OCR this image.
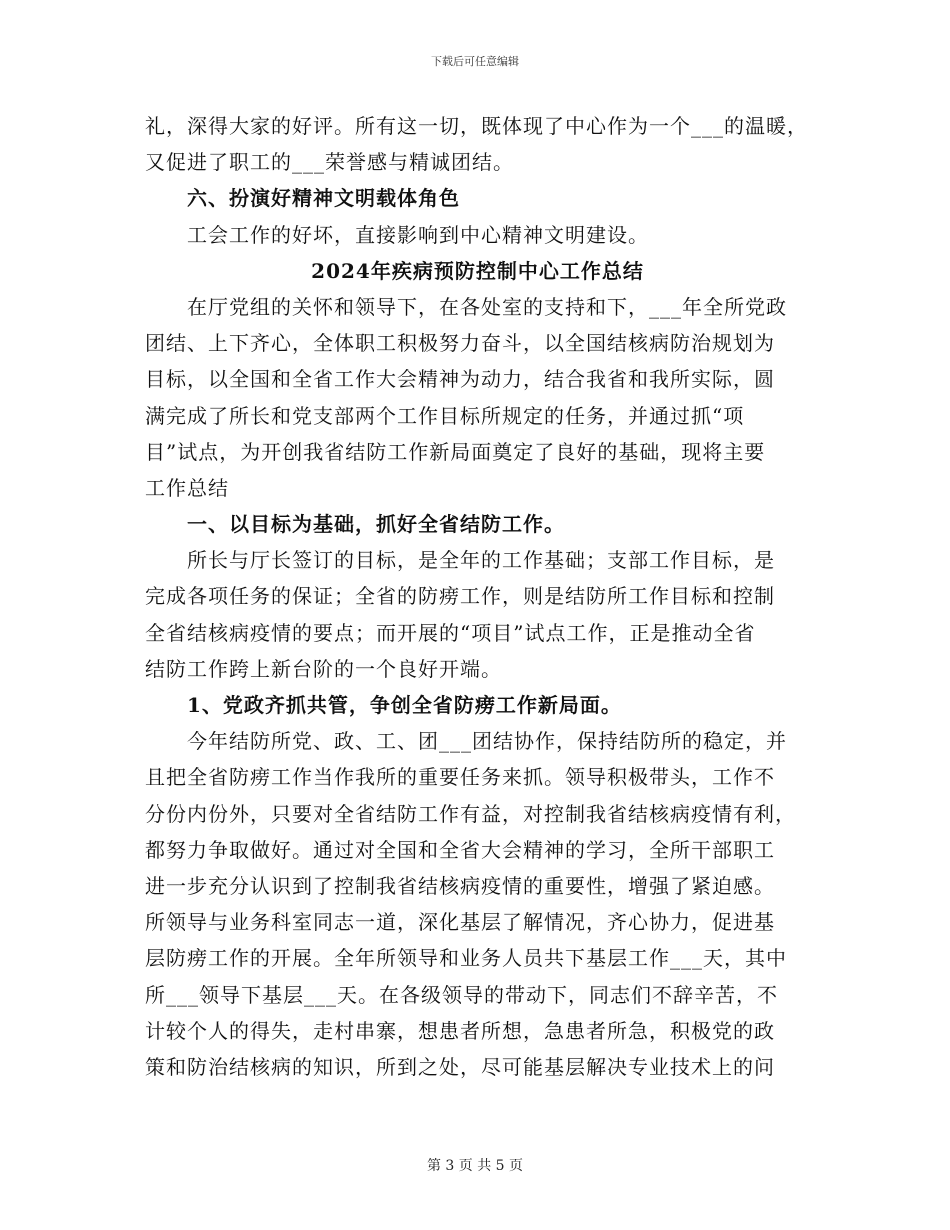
下载后可任意编辑
礼，深得大家的好评。所有这一切，既体现了中心作为一个___的温暖，
又促进了职工的___荣誉感与精诚团结。
六、扮演好精神文明载体角色
工会工作的好坏，直接影响到中心精神文明建设。
2024年疾病预防控制中心工作总结
在厅党组的关怀和领导下，在各处室的支持和下，___年全所党政
团结、上下齐心，全体职工积极努力奋斗，以全国结核病防治规划为
目标，以全国和全省工作大会精神为动力，结合我省和我所实际，圆
满完成了所长和党支部两个工作目标所规定的任务，并通过抓“项
目”试点，为开创我省结防工作新局面奠定了良好的基础，现将主要
工作总结
一、以目标为基础，抓好全省结防工作。
所长与厅长签订的目标，是全年的工作基础；支部工作目标，是
完成各项任务的保证；全省的防痨工作，则是结防所工作目标和控制
全省结核病疫情的要点；而开展的“项目”试点工作，正是推动全省
结防工作跨上新台阶的一个良好开端。
1、党政齐抓共管，争创全省防痨工作新局面。
今年结防所党、政、工、团___团结协作，保持结防所的稳定，并
且把全省防痨工作当作我所的重要任务来抓。领导积极带头，工作不
分份内份外，只要对全省结防工作有益，对控制我省结核病疫情有利，
都努力争取做好。通过对全国和全省大会精神的学习，全所干部职工
进一步充分认识到了控制我省结核病疫情的重要性，增强了紧迫感。
所领导与业务科室同志一道，深化基层了解情况，齐心协力，促进基
层防痨工作的开展。全年所领导和业务人员共下基层工作___天，其中
所___领导下基层___天。在各级领导的带动下，同志们不辞辛苦，不
计较个人的得失，走村串寨，想患者所想，急患者所急，积极党的政
策和防治结核病的知识，所到之处，尽可能基层解决专业技术上的问
第 3 页 共 5 页
